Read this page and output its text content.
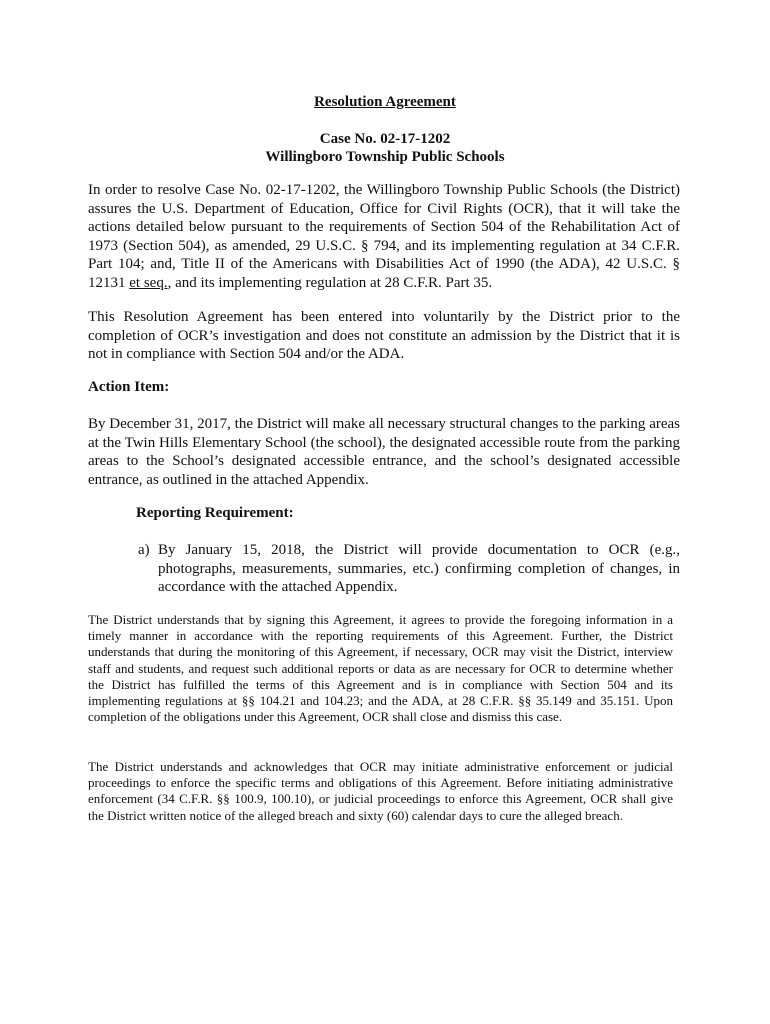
Resolution Agreement
Case No. 02-17-1202
Willingboro Township Public Schools

In order to resolve Case No. 02-17-1202, the Willingboro Township Public Schools (the District) assures the U.S. Department of Education, Office for Civil Rights (OCR), that it will take the actions detailed below pursuant to the requirements of Section 504 of the Rehabilitation Act of 1973 (Section 504), as amended, 29 U.S.C. § 794, and its implementing regulation at 34 C.F.R. Part 104; and, Title II of the Americans with Disabilities Act of 1990 (the ADA), 42 U.S.C. § 12131 et seq., and its implementing regulation at 28 C.F.R. Part 35.

This Resolution Agreement has been entered into voluntarily by the District prior to the completion of OCR’s investigation and does not constitute an admission by the District that it is not in compliance with Section 504 and/or the ADA.

Action Item:

By December 31, 2017, the District will make all necessary structural changes to the parking areas at the Twin Hills Elementary School (the school), the designated accessible route from the parking areas to the School’s designated accessible entrance, and the school’s designated accessible entrance, as outlined in the attached Appendix.

Reporting Requirement:

a) By January 15, 2018, the District will provide documentation to OCR (e.g., photographs, measurements, summaries, etc.) confirming completion of changes, in accordance with the attached Appendix.

The District understands that by signing this Agreement, it agrees to provide the foregoing information in a timely manner in accordance with the reporting requirements of this Agreement. Further, the District understands that during the monitoring of this Agreement, if necessary, OCR may visit the District, interview staff and students, and request such additional reports or data as are necessary for OCR to determine whether the District has fulfilled the terms of this Agreement and is in compliance with Section 504 and its implementing regulations at §§ 104.21 and 104.23; and the ADA, at 28 C.F.R. §§ 35.149 and 35.151. Upon completion of the obligations under this Agreement, OCR shall close and dismiss this case.

The District understands and acknowledges that OCR may initiate administrative enforcement or judicial proceedings to enforce the specific terms and obligations of this Agreement. Before initiating administrative enforcement (34 C.F.R. §§ 100.9, 100.10), or judicial proceedings to enforce this Agreement, OCR shall give the District written notice of the alleged breach and sixty (60) calendar days to cure the alleged breach.
